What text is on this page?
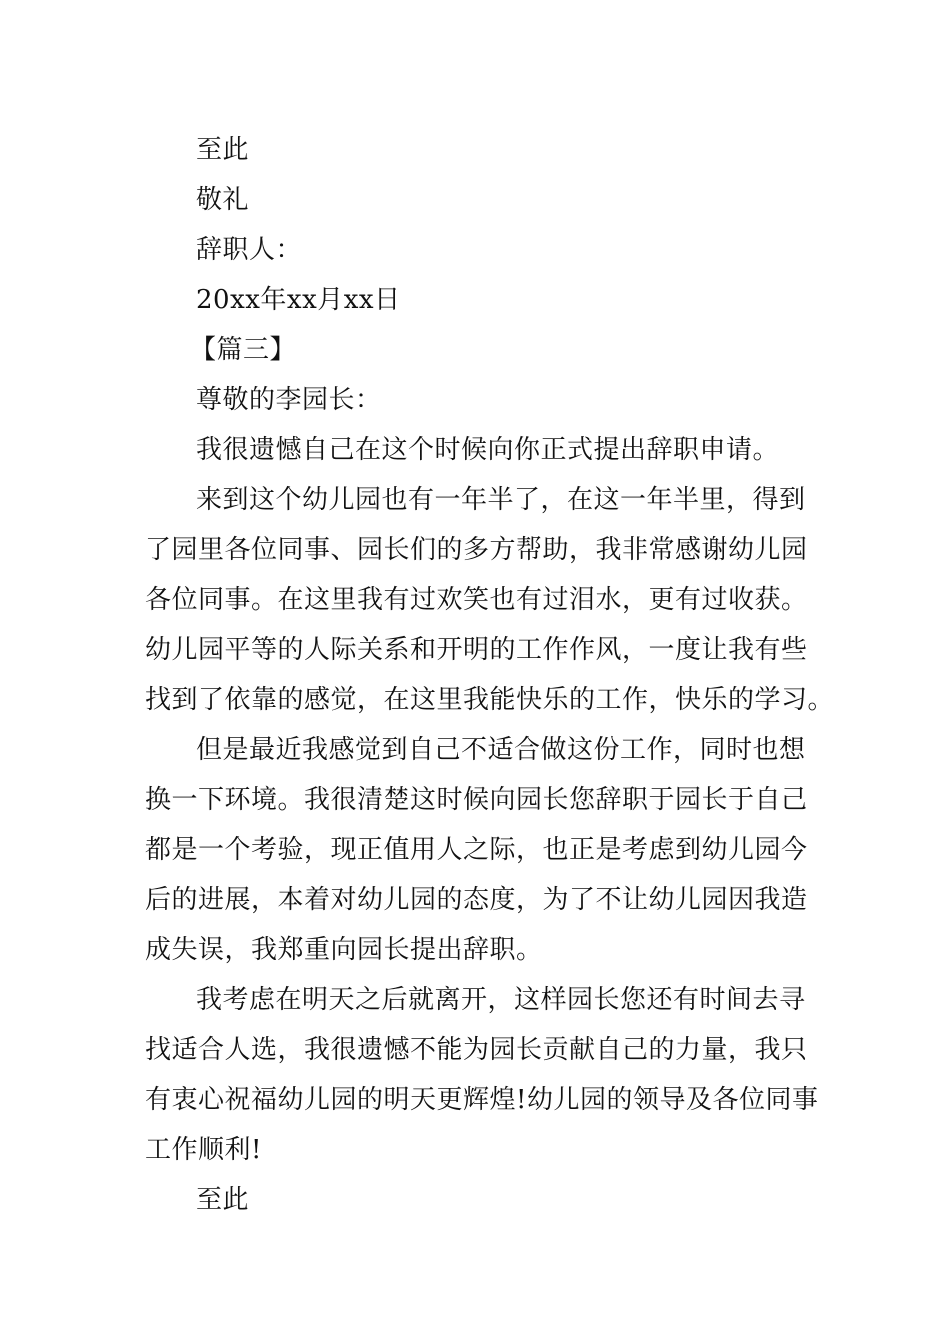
至此
敬礼
辞职人：
20xx年xx月xx日
【篇三】
尊敬的李园长：
我很遗憾自己在这个时候向你正式提出辞职申请。
来到这个幼儿园也有一年半了，在这一年半里，得到
了园里各位同事、园长们的多方帮助，我非常感谢幼儿园
各位同事。在这里我有过欢笑也有过泪水，更有过收获。
幼儿园平等的人际关系和开明的工作作风，一度让我有些
找到了依靠的感觉，在这里我能快乐的工作，快乐的学习。
但是最近我感觉到自己不适合做这份工作，同时也想
换一下环境。我很清楚这时候向园长您辞职于园长于自己
都是一个考验，现正值用人之际，也正是考虑到幼儿园今
后的进展，本着对幼儿园的态度，为了不让幼儿园因我造
成失误，我郑重向园长提出辞职。
我考虑在明天之后就离开，这样园长您还有时间去寻
找适合人选，我很遗憾不能为园长贡献自己的力量，我只
有衷心祝福幼儿园的明天更辉煌!幼儿园的领导及各位同事
工作顺利!
至此
